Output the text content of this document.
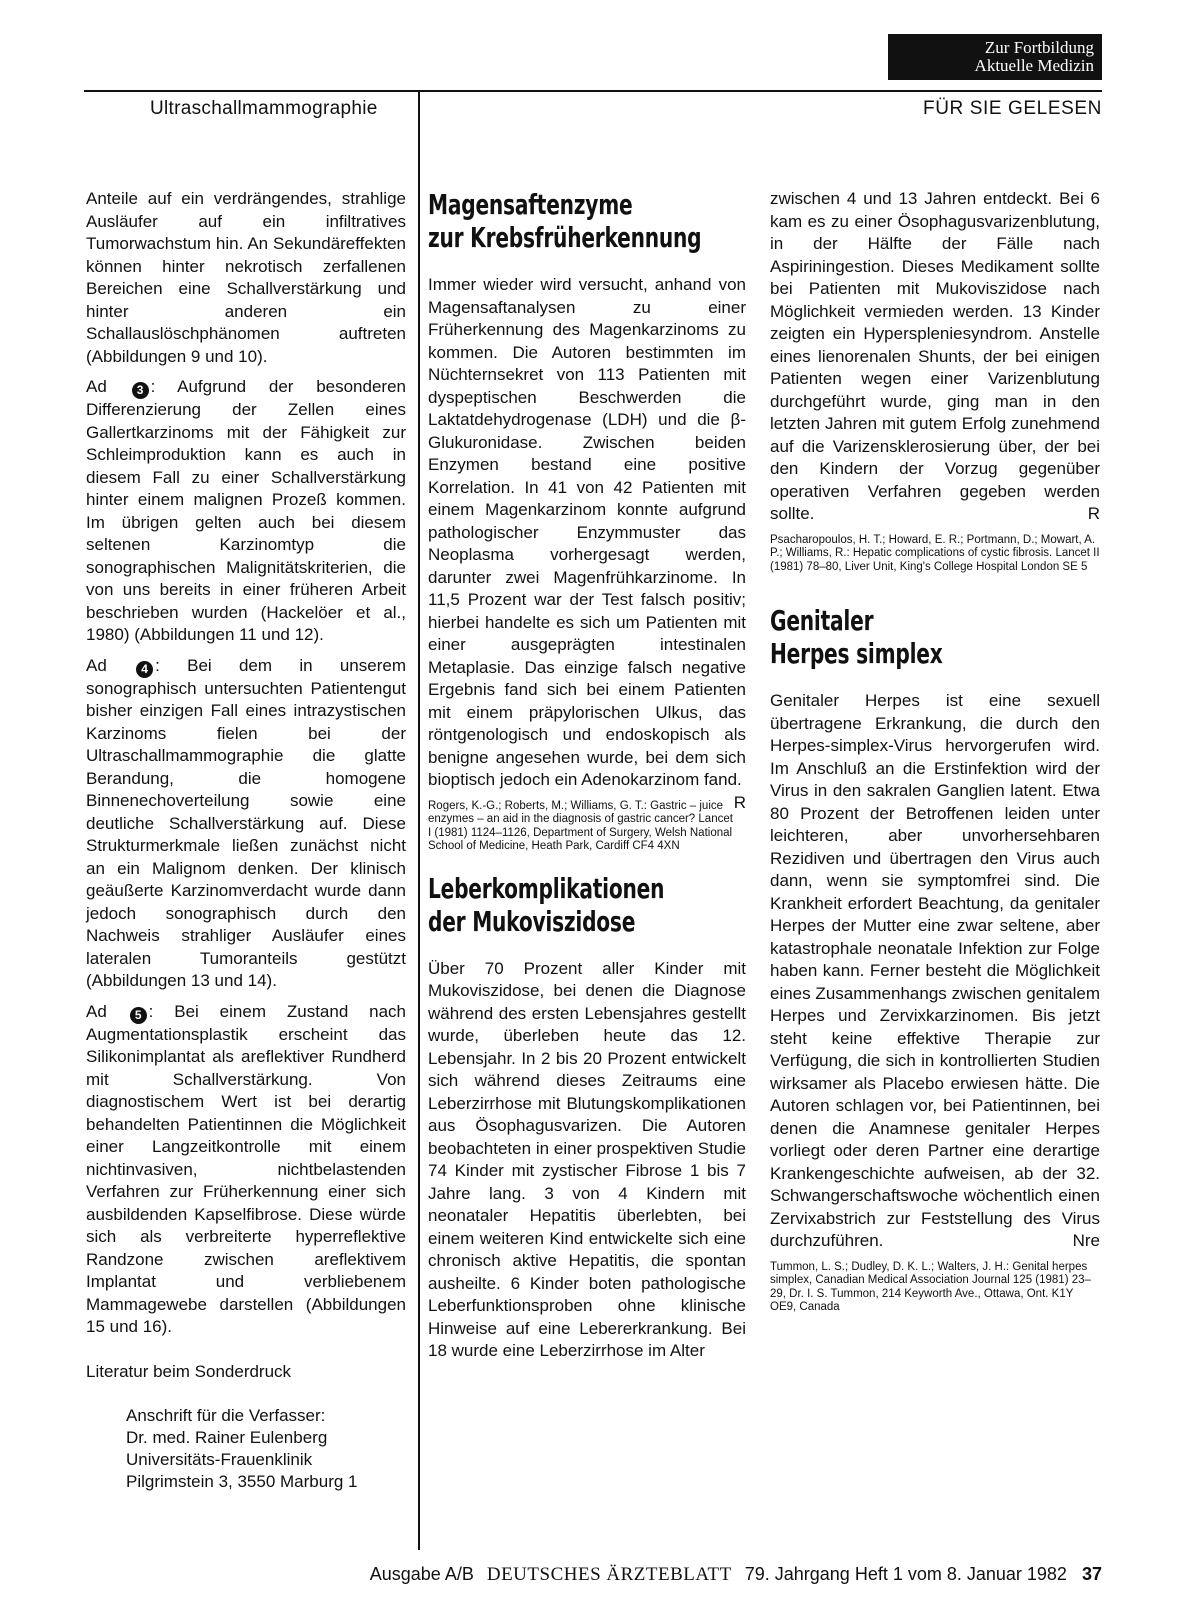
Zur Fortbildung
Aktuelle Medizin
Ultraschallmammographie	FÜR SIE GELESEN

Anteile auf ein verdrängendes, strahlige Ausläufer auf ein infiltratives Tumorwachstum hin. An Sekundäreffekten können hinter nekrotisch zerfallenen Bereichen eine Schallverstärkung und hinter anderen ein Schallauslöschphänomen auftreten (Abbildungen 9 und 10).

Ad 3 : Aufgrund der besonderen Differenzierung der Zellen eines Gallertkarzinoms mit der Fähigkeit zur Schleimproduktion kann es auch in diesem Fall zu einer Schallverstärkung hinter einem malignen Prozeß kommen. Im übrigen gelten auch bei diesem seltenen Karzinomtyp die sonographischen Malignitätskriterien, die von uns bereits in einer früheren Arbeit beschrieben wurden (Hackelöer et al., 1980) (Abbildungen 11 und 12).

Ad	4 : Bei dem in unserem sonographisch untersuchten Patientengut bisher einzigen Fall eines intrazystischen Karzinoms fielen bei der Ultraschallmammographie die glatte Berandung, die homogene Binnenechoverteilung sowie eine deutliche Schallverstärkung auf. Diese Strukturmerkmale ließen zunächst nicht an ein Malignom denken. Der klinisch geäußerte Karzinomverdacht wurde dann jedoch sonographisch durch den Nachweis strahliger Ausläufer eines lateralen Tumoranteils gestützt (Abbildungen 13 und 14).

Ad 5 : Bei einem Zustand nach Augmentationsplastik erscheint das Silikonimplantat als areflektiver Rundherd mit Schallverstärkung. Von diagnostischem Wert ist bei derartig behandelten Patientinnen die Möglichkeit einer Langzeitkontrolle mit einem nichtinvasiven, nichtbelastenden Verfahren zur Früherkennung einer sich ausbildenden Kapselfibrose. Diese würde sich als verbreiterte hyperreflektive Randzone zwischen areflektivem Implantat und verbliebenem Mammagewebe darstellen (Abbildungen 15 und 16).

Literatur beim Sonderdruck
Anschrift für die Verfasser:
Dr. med. Rainer Eulenberg
Universitäts-Frauenklinik
Pilgrimstein 3, 3550 Marburg 1
Magensaftenzyme
zur Krebsfrüherkennung

Immer wieder wird versucht, anhand von Magensaftanalysen zu einer Früherkennung des Magenkarzinoms zu kommen. Die Autoren bestimmten im Nüchternsekret von 113 Patienten mit dyspeptischen Beschwerden die Laktatdehydrogenase (LDH) und die β-Glukuronidase. Zwischen beiden Enzymen bestand eine positive Korrelation. In 41 von 42 Patienten mit einem Magenkarzinom konnte aufgrund pathologischer Enzymmuster das Neoplasma vorhergesagt werden, darunter zwei Magenfrühkarzinome. In 11,5 Prozent war der Test falsch positiv; hierbei handelte es sich um Patienten mit einer ausgeprägten intestinalen Metaplasie. Das einzige falsch negative Ergebnis fand sich bei einem Patienten mit einem präpylorischen Ulkus, das röntgenologisch und endoskopisch als benigne angesehen wurde, bei dem sich bioptisch jedoch ein Adenokarzinom fand.
R

Rogers, K.-G.; Roberts, M.; Williams, G. T.: Gastric – juice enzymes – an aid in the diagnosis of gastric cancer? Lancet I (1981) 1124–1126, Department of Surgery, Welsh National School of Medicine, Heath Park, Cardiff CF4 4XN
Leberkomplikationen
der Mukoviszidose

Über 70 Prozent aller Kinder mit Mukoviszidose, bei denen die Diagnose während des ersten Lebensjahres gestellt wurde, überleben heute das 12. Lebensjahr. In 2 bis 20 Prozent entwickelt sich während dieses Zeitraums eine Leberzirrhose mit Blutungskomplikationen aus Ösophagusvarizen. Die Autoren beobachteten in einer prospektiven Studie 74 Kinder mit zystischer Fibrose 1 bis 7 Jahre lang. 3 von 4 Kindern mit neonataler Hepatitis überlebten, bei einem weiteren Kind entwickelte sich eine chronisch aktive Hepatitis, die spontan ausheilte. 6 Kinder boten pathologische Leberfunktionsproben ohne klinische Hinweise auf eine Lebererkrankung. Bei 18 wurde eine Leberzirrhose im Alter

zwischen 4 und 13 Jahren entdeckt. Bei 6 kam es zu einer Ösophagusvarizenblutung, in der Hälfte der Fälle nach Aspiriningestion. Dieses Medikament sollte bei Patienten mit Mukoviszidose nach Möglichkeit vermieden werden. 13 Kinder zeigten ein Hyperspleniesyndrom. Anstelle eines lienorenalen Shunts, der bei einigen Patienten wegen einer Varizenblutung durchgeführt wurde, ging man in den letzten Jahren mit gutem Erfolg zunehmend auf die Varizensklerosierung über, der bei den Kindern der Vorzug gegenüber operativen Verfahren gegeben werden sollte.	R

Psacharopoulos, H. T.; Howard, E. R.; Portmann, D.; Mowart, A. P.; Williams, R.: Hepatic complications of cystic fibrosis. Lancet II (1981) 78–80, Liver Unit, King's College Hospital London SE 5
Genitaler
Herpes simplex

Genitaler Herpes ist eine sexuell übertragene Erkrankung, die durch den Herpes-simplex-Virus hervorgerufen wird. Im Anschluß an die Erstinfektion wird der Virus in den sakralen Ganglien latent. Etwa 80 Prozent der Betroffenen leiden unter leichteren, aber unvorhersehbaren Rezidiven und übertragen den Virus auch dann, wenn sie symptomfrei sind. Die Krankheit erfordert Beachtung, da genitaler Herpes der Mutter eine zwar seltene, aber katastrophale neonatale Infektion zur Folge haben kann. Ferner besteht die Möglichkeit eines Zusammenhangs zwischen genitalem Herpes und Zervixkarzinomen. Bis jetzt steht keine effektive Therapie zur Verfügung, die sich in kontrollierten Studien wirksamer als Placebo erwiesen hätte. Die Autoren schlagen vor, bei Patientinnen, bei denen die Anamnese genitaler Herpes vorliegt oder deren Partner eine derartige Krankengeschichte aufweisen, ab der 32. Schwangerschaftswoche wöchentlich einen Zervixabstrich zur Feststellung des Virus durchzuführen.	Nre

Tummon, L. S.; Dudley, D. K. L.; Walters, J. H.: Genital herpes simplex, Canadian Medical Association Journal 125 (1981) 23–29, Dr. I. S. Tummon, 214 Keyworth Ave., Ottawa, Ont. K1Y OE9, Canada
Ausgabe A/B DEUTSCHES ÄRZTEBLATT 79. Jahrgang Heft 1 vom 8. Januar 1982 37
